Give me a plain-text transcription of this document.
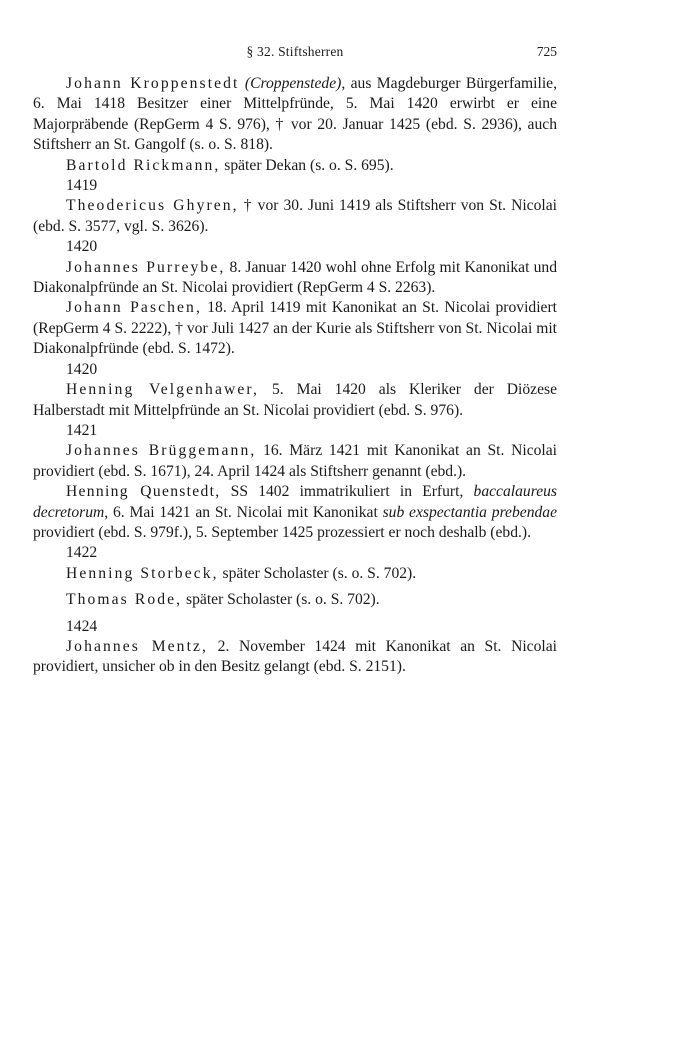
§ 32. Stiftsherren	725

Johann Kroppenstedt (Croppenstede), aus Magdeburger Bürgerfamilie, 6. Mai 1418 Besitzer einer Mittelpfründe, 5. Mai 1420 erwirbt er eine Majorpräbende (RepGerm 4 S. 976), † vor 20. Januar 1425 (ebd. S. 2936), auch Stiftsherr an St. Gangolf (s. o. S. 818).

Bartold Rickmann, später Dekan (s. o. S. 695).

1419

Theodericus Ghyren, † vor 30. Juni 1419 als Stiftsherr von St. Nicolai (ebd. S. 3577, vgl. S. 3626).

1420

Johannes Purreybe, 8. Januar 1420 wohl ohne Erfolg mit Kanonikat und Diakonalpfründe an St. Nicolai providiert (RepGerm 4 S. 2263).

Johann Paschen, 18. April 1419 mit Kanonikat an St. Nicolai providiert (RepGerm 4 S. 2222), † vor Juli 1427 an der Kurie als Stiftsherr von St. Nicolai mit Diakonalpfründe (ebd. S. 1472).

1420

Henning Velgenhawer, 5. Mai 1420 als Kleriker der Diözese Halberstadt mit Mittelpfründe an St. Nicolai providiert (ebd. S. 976).

1421

Johannes Brüggemann, 16. März 1421 mit Kanonikat an St. Nicolai providiert (ebd. S. 1671), 24. April 1424 als Stiftsherr genannt (ebd.).

Henning Quenstedt, SS 1402 immatrikuliert in Erfurt, baccalaureus decretorum, 6. Mai 1421 an St. Nicolai mit Kanonikat sub exspectantia prebendae providiert (ebd. S. 979f.), 5. September 1425 prozessiert er noch deshalb (ebd.).

1422

Henning Storbeck, später Scholaster (s. o. S. 702).

Thomas Rode, später Scholaster (s. o. S. 702).

1424

Johannes Mentz, 2. November 1424 mit Kanonikat an St. Nicolai providiert, unsicher ob in den Besitz gelangt (ebd. S. 2151).
